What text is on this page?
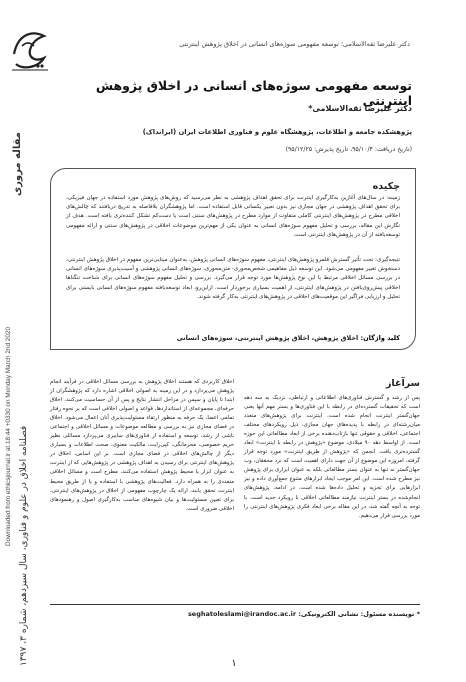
دکتر علیرضا ثقه‌الاسلامی؛ توسعه مفهومی سوژه‌های انسانی در اخلاق پژوهش اینترنتی
توسعه مفهومی سوژه‌های انسانی در اخلاق پژوهش اینترنتی
دکتر علیرضا ثقه‌الاسلامی*
پژوهشکده جامعه و اطلاعات، پژوهشگاه علوم و فناوری اطلاعات ایران (ایرانداک)
(تاریخ دریافت: ۹۵/۱۰/۴، تاریخ پذیرش: ۹۵/۱۲/۲۵)
مقاله مروری
Downloaded from ethicsjournal.ir at 18:44 +0330 on Monday March 2nd 2020
فصلنامه اخلاق در علوم و فناوری، سال سیزدهم، شماره ۳، ۱۳۹۷
چکیده

زمینه: در سال‌های آغازین به‌کارگیری اینترنت برای تحقق اهداف پژوهشی به نظر می‌رسید که روش‌های پژوهش مورد استفاده در جهان فیزیکی، برای تحقق اهداف پژوهشی در جهان مجازی نیز بدون تعییر یکسانی قابل استفاده است. اما پژوهشگران بلافاصله به تدریج دریافتند که چالش‌های اخلاقی مطرح در پژوهش‌های اینترنتی کاملی متفاوت از موارد مطرح در پژوهش‌های سنتی است یا دست‌کم تشکل کننده‌تری یافته است. هدف از نگارش این مقاله، بررسی و تحلیل مفهوم سوژه‌های انسانی به عنوان یکی از مهم‌ترین موضوعات اخلاقی در پژوهش‌های سنتی و ارائه مفهومی توسعه‌یافته از آن در پژوهش‌های اینترنتی است.

نتیجه‌گیری: تحت تأثیر گسترش قلمرو پژوهش‌های اینترنتی، مفهوم سوژه‌های انسانی پژوهش، به‌عنوان مبنایی‌ترین مفهوم در اخلاق پژوهش اینترنتی، دستخوش تغییر مفهومی می‌شود. این توسعه ذیل مفاهیمی شخص‌محوری- متن‌محوری، سوژه‌های انسانی پژوهشی و آسیب‌پذیری سوژه‌های انسانی در بررسی مسائل اخلاقی مرتبط با این نوع پژوهش‌ها مورد توجه قرار می‌گیرد. بررسی و تحلیل مفهوم سوژه‌های انسانی برای شناخت تنگناها اخلاقی پیش‌روی‌یافتن در پژوهش‌های اینترنتی، از اهمیت بسیاری برخوردار است. ازاین‌رو، ابعاد توسعه‌یافته مفهوم سوژه‌های انسانی بایستی برای تحلیل و ارزیابی فراگیر این موقعیت‌های اخلاقی در پژوهش‌های اینترنتی به‌کار گرفته شوند.

کلید واژگان: اخلاق پژوهش، اخلاق پژوهش اینترنتی، سوژه‌های انسانی
سرآغاز

پس از رشد و گسترش فناوری‌های اطلاعاتی و ارتباطی، نزدیک به سه دهه است که تحقیقات گسترده‌ای در رابطه با این فناوری‌ها و بستر مهم آنها یعنی جهان‌گستر اینترنت انجام شده است. اینترنت برای پژوهش‌های متعدد میان‌رشته‌ای در رابطه با پدیده‌های جهان‌ مجازی، ذیل رویکردهای مختلف اجتماعی، اخلاقی و حقوقی تنها بازتاب‌دهنده برخی از ابعاد مطالعاتی این حوزه است. از اواسط دهه ۹۰ میلادی، موضوع «پژوهش در رابطه با اینترنت» ابعاد گسترده‌تری یافت. انجمن که «پژوهش از طریق اینترنت» مورد توجه قرار گرفته، امروزه این موضوع از آن جهت دارای اهمیت است که نزد محققان، وب جهان‌گستر نه تنها به عنوان بستر مطالعاتی بلکه به عنوان ابزاری برای پژوهش نیز مطرح شده است. این امر موجب ایجاد ابزارهای متنوع جمع‌آوری داده و نیز ابزارهایی برای تجزیه و تحلیل داده‌ها شده است. در ادامه، پژوهش‌های انجام‌شده در بستر اینترنت نیازمند مطالعاتی اخلاقی با رویکرد جدید است. با توجه به آنچه گفته شد، در این مقاله برخی ابعاد فکری پژوهش‌های اینترنتی را مورد بررسی قرار می‌دهیم.

اخلاق کاربردی که هستند اخلاق پژوهش به بررسی مسائل اخلاقی در فرآیند انجام پژوهش می‌پردازد و در این زمینه به اصولی اخلاقی اشاره دارد که پژوهشگران از ابتدا تا پایان و سپس در مراحل انتشار نتایج و پس از آن حساسیت می‌کنند. اخلاق حرفه‌ای، مجموعه‌ای از استانداردها، قواعد و اصولی اخلاقی است که بر نحوه رفتار تمامی اعضا، یک حرفه به منظور ارتقاء مسئولیت‌پذیری آنان اعمال می‌شود. اخلاق در فضای مجازی نیز به بررسی و مطالعه موضوعات و مسائل اخلاقی و اجتماعی ناشی از رشد، توسعه و استفاده از فناوری‌های سایبری می‌پردازد مسائلی نظیر حریم خصوصی، محرمانگی، کپی‌رایت، مالکیت معنوی، صحت اطلاعات و بسیاری دیگر از چالش‌های اخلاقی در فضای مجازی است. بر این اساس، اخلاق در پژوهش‌های اینترنتی برای رسیدن به اهداف پژوهشی در پژوهش‌هایی که از اینترنت به عنوان ابزار یا محیط پژوهش استفاده می‌کنند، مطرح است و مسائل اخلاقی متعددی را به همراه دارد. فعالیت‌های پژوهشی با استفاده و یا از طریق محیط اینترنت تحقق یابند، ارائه یک چارچوب مفهومی از اخلاق در پژوهش‌های اینترنتی، برای تعیین مسئولیت‌ها و بیان شیوه‌های مناسب به‌کارگیری اصول و رهنمودهای اخلاقی ضروری است.

* نویسنده مسئول: نشانی الکترونیکی: seghatoleslami@irandoc.ac.ir
۱
